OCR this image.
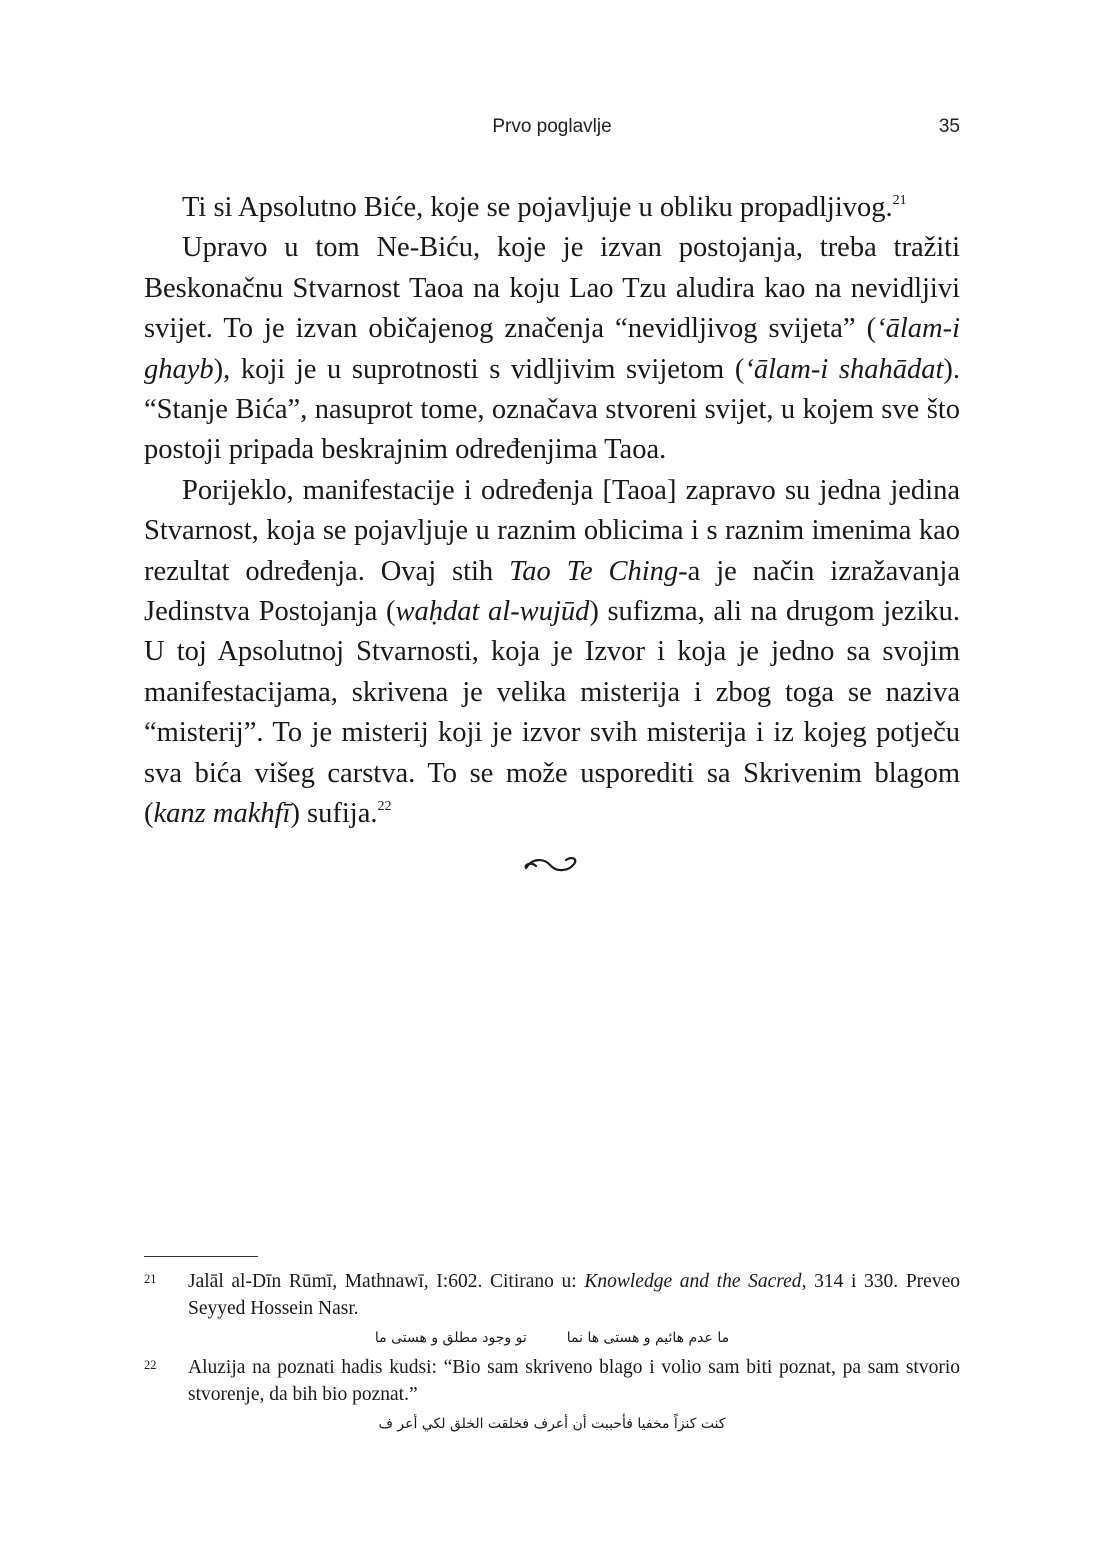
Prvo poglavlje	35

Ti si Apsolutno Biće, koje se pojavljuje u obliku propadljivog.$^{21}$

Upravo u tom Ne-Biću, koje je izvan postojanja, treba tražiti Beskonačnu Stvarnost Taoa na koju Lao Tzu aludira kao na nevidljivi svijet. To je izvan običajenog značenja “nevidljivog svijeta” (‘ālam-i ghayb), koji je u suprotnosti s vidljivim svijetom (‘ālam-i shahādat). “Stanje Bića”, nasuprot tome, označava stvoreni svijet, u kojem sve što postoji pripada beskrajnim određenjima Taoa.

Porijeklo, manifestacije i određenja [Taoa] zapravo su jedna jedina Stvarnost, koja se pojavljuje u raznim oblicima i s raznim imenima kao rezultat određenja. Ovaj stih Tao Te Ching-a je način izražavanja Jedinstva Postojanja (waḥdat al-wujūd) sufizma, ali na drugom jeziku. U toj Apsolutnoj Stvarnosti, koja je Izvor i koja je jedno sa svojim manifestacijama, skrivena je velika misterija i zbog toga se naziva “misterij”. To je misterij koji je izvor svih misterija i iz kojeg potječu sva bića višeg carstva. To se može usporediti sa Skrivenim blagom (kanz makhfī) sufija.$^{22}$

21 Jalāl al-Dīn Rūmī, Mathnawī, I:602. Citirano u: Knowledge and the Sacred, 314 i 330. Preveo Seyyed Hossein Nasr.
ما عدم هائیم و هستی ها نماتو وجود مطلق و هستی ما
22 Aluzija na poznati hadis kudsi: “Bio sam skriveno blago i volio sam biti poznat, pa sam stvorio stvorenje, da bih bio poznat.”
كنت كنزاً مخفيا فأحببت أن أعرف فخلقت الخلق لكي أعر ف
